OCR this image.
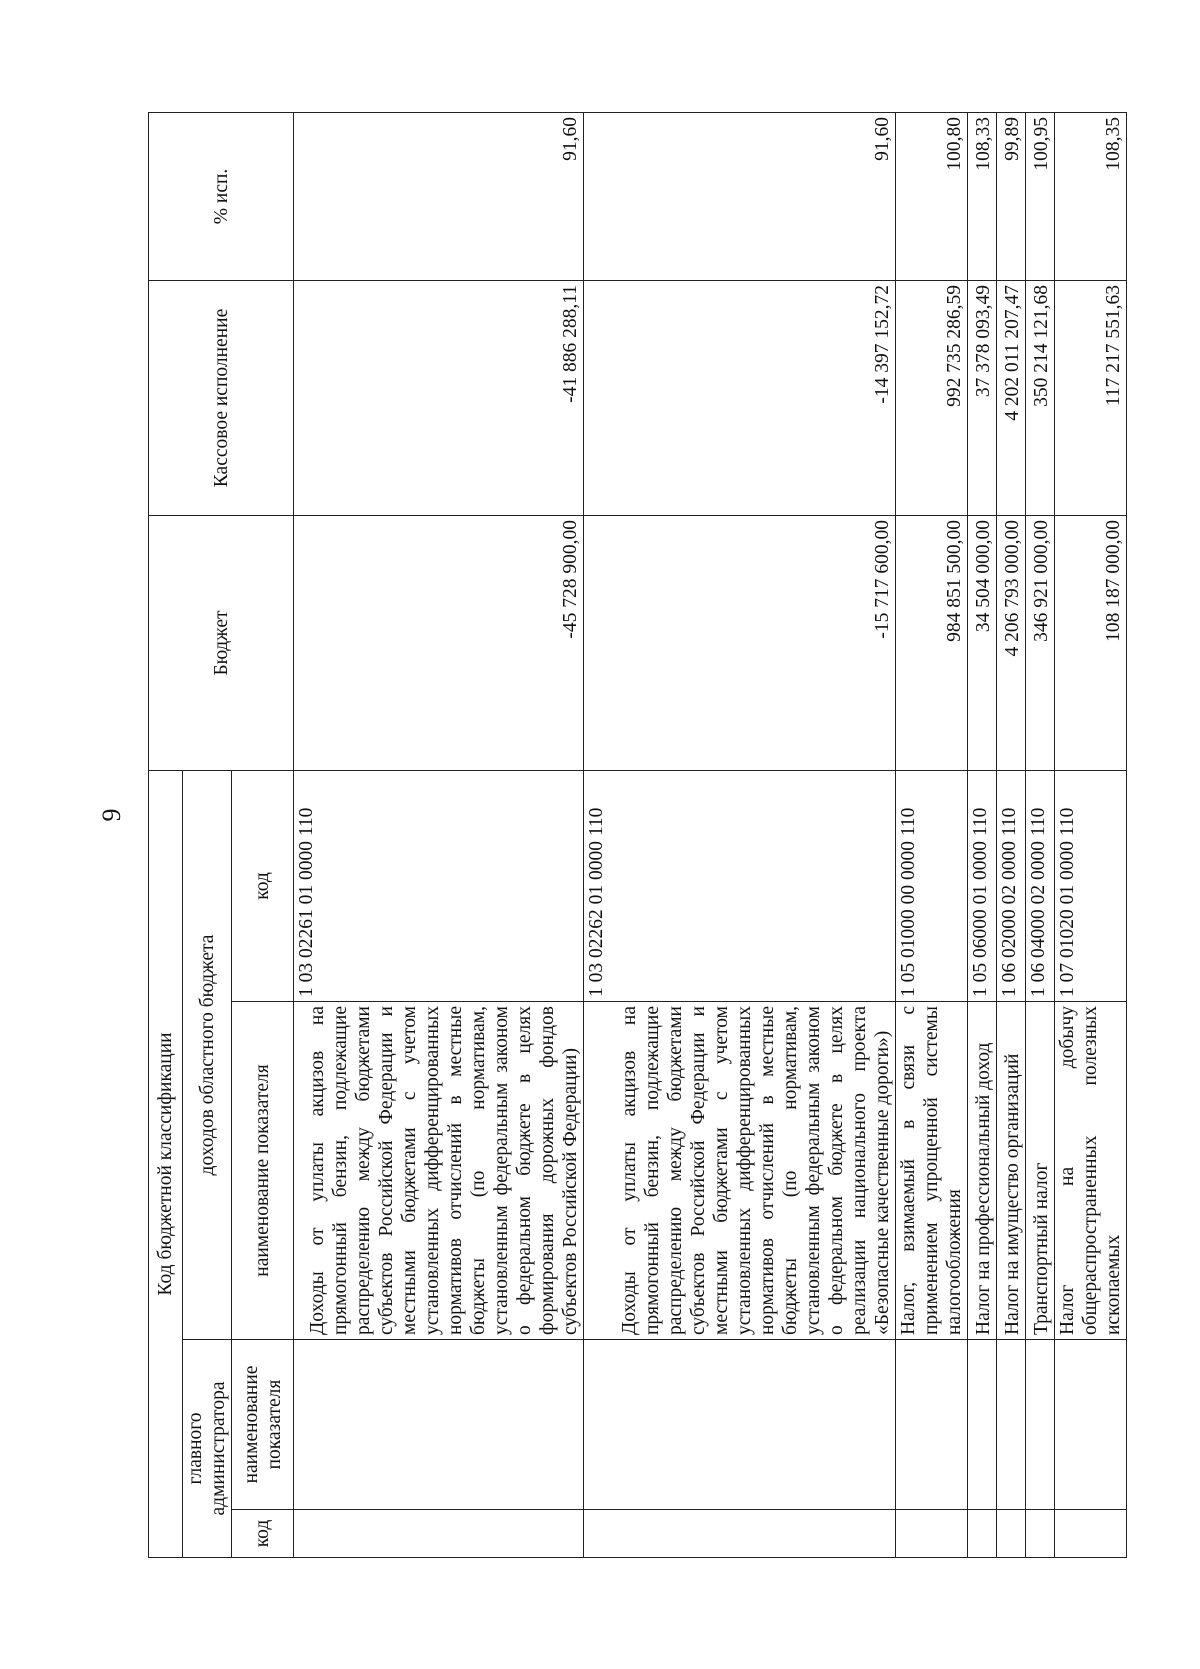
9
Код бюджетной классификации				Бюджет	Кассовое исполнение	% исп.
главного администратора		доходов областного бюджета				
код	наименование показателя	наименование показателя	код			
		Доходы от уплаты акцизов на прямогонный бензин, подлежащие распределению между бюджетами субъектов Российской Федерации и местными бюджетами с учетом установленных дифференцированных нормативов отчислений в местные бюджеты (по нормативам, установленным федеральным законом о федеральном бюджете в целях формирования дорожных фондов субъектов Российской Федерации)	1 03 02261 01 0000 110	-45 728 900,00	-41 886 288,11	91,60
		Доходы от уплаты акцизов на прямогонный бензин, подлежащие распределению между бюджетами субъектов Российской Федерации и местными бюджетами с учетом установленных дифференцированных нормативов отчислений в местные бюджеты (по нормативам, установленным федеральным законом о федеральном бюджете в целях реализации национального проекта «Безопасные качественные дороги»)	1 03 02262 01 0000 110	-15 717 600,00	-14 397 152,72	91,60
		Налог, взимаемый в связи с применением упрощенной системы налогообложения	1 05 01000 00 0000 110	984 851 500,00	992 735 286,59	100,80
		Налог на профессиональный доход	1 05 06000 01 0000 110	34 504 000,00	37 378 093,49	108,33
		Налог на имущество организаций	1 06 02000 02 0000 110	4 206 793 000,00	4 202 011 207,47	99,89
		Транспортный налог	1 06 04000 02 0000 110	346 921 000,00	350 214 121,68	100,95
		Налог на добычу общераспространенных полезных ископаемых	1 07 01020 01 0000 110	108 187 000,00	117 217 551,63	108,35
